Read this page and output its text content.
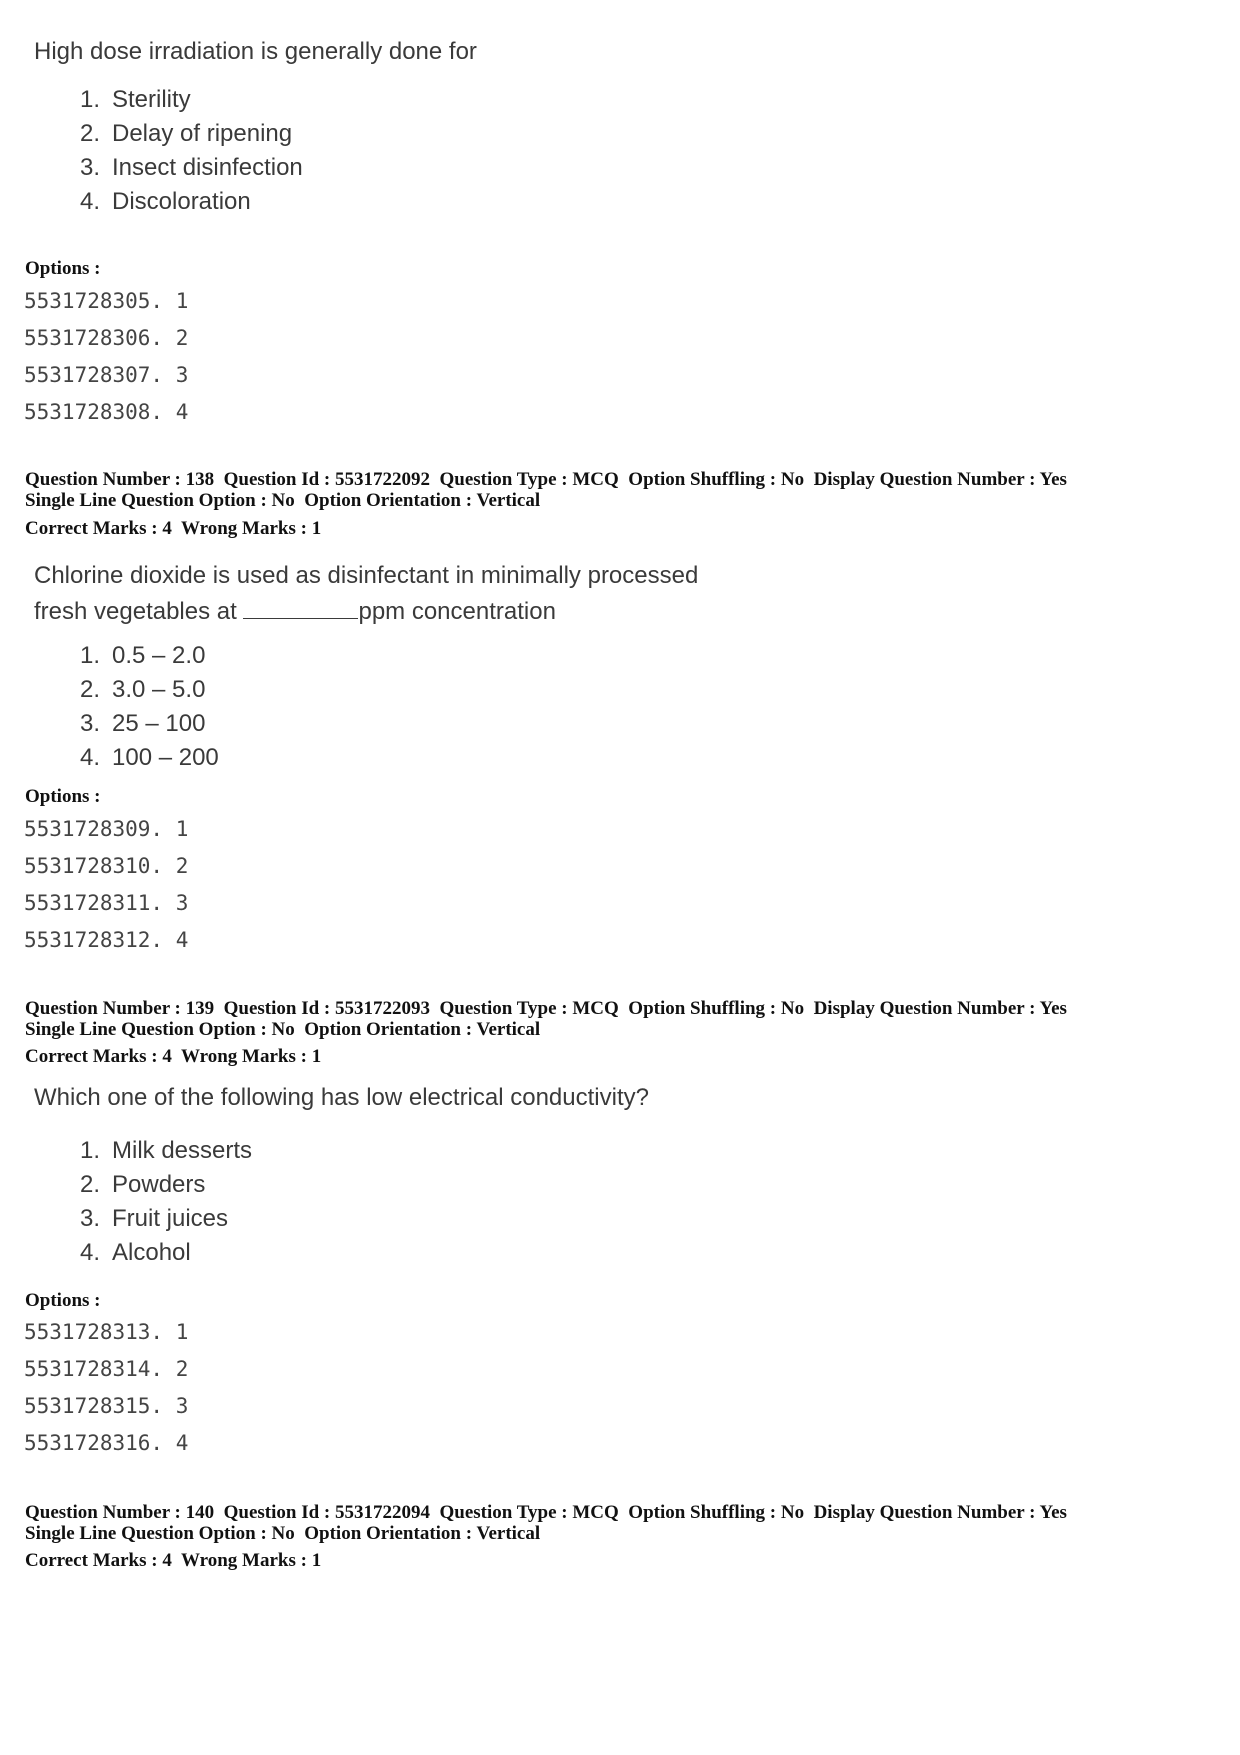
High dose irradiation is generally done for

1. Sterility
2. Delay of ripening
3. Insect disinfection
4. Discoloration
Options :
5531728305. 1
5531728306. 2
5531728307. 3
5531728308. 4
Question Number : 138  Question Id : 5531722092  Question Type : MCQ  Option Shuffling : No  Display Question Number : Yes
Single Line Question Option : No  Option Orientation : Vertical
Correct Marks : 4  Wrong Marks : 1

Chlorine dioxide is used as disinfectant in minimally processed

fresh vegetables at	ppm concentration

1. 0.5 – 2.0
2. 3.0 – 5.0
3. 25 – 100
4. 100 – 200
Options :
5531728309. 1
5531728310. 2
5531728311. 3
5531728312. 4
Question Number : 139  Question Id : 5531722093  Question Type : MCQ  Option Shuffling : No  Display Question Number : Yes
Single Line Question Option : No  Option Orientation : Vertical
Correct Marks : 4  Wrong Marks : 1

Which one of the following has low electrical conductivity?

1. Milk desserts
2. Powders
3. Fruit juices
4. Alcohol
Options :
5531728313. 1
5531728314. 2
5531728315. 3
5531728316. 4
Question Number : 140  Question Id : 5531722094  Question Type : MCQ  Option Shuffling : No  Display Question Number : Yes
Single Line Question Option : No  Option Orientation : Vertical
Correct Marks : 4  Wrong Marks : 1
